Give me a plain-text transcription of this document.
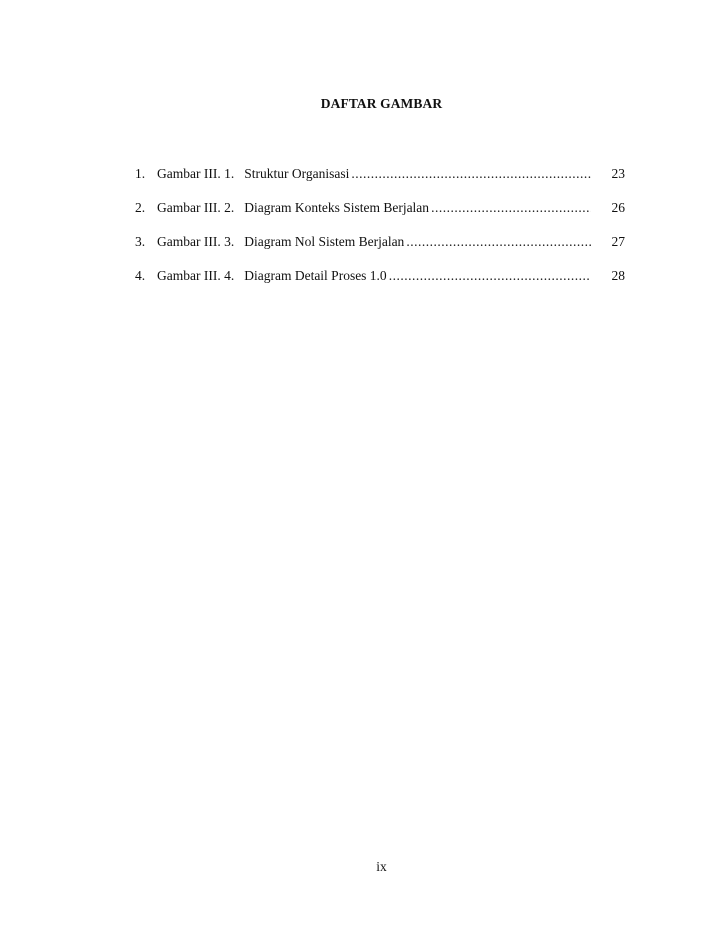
DAFTAR GAMBAR
1. Gambar III. 1. Struktur Organisasi .....	23
2. Gambar III. 2. Diagram Konteks Sistem Berjalan .....	26
3. Gambar III. 3. Diagram Nol Sistem Berjalan .....	27
4. Gambar III. 4. Diagram Detail Proses 1.0 .....	28
ix
